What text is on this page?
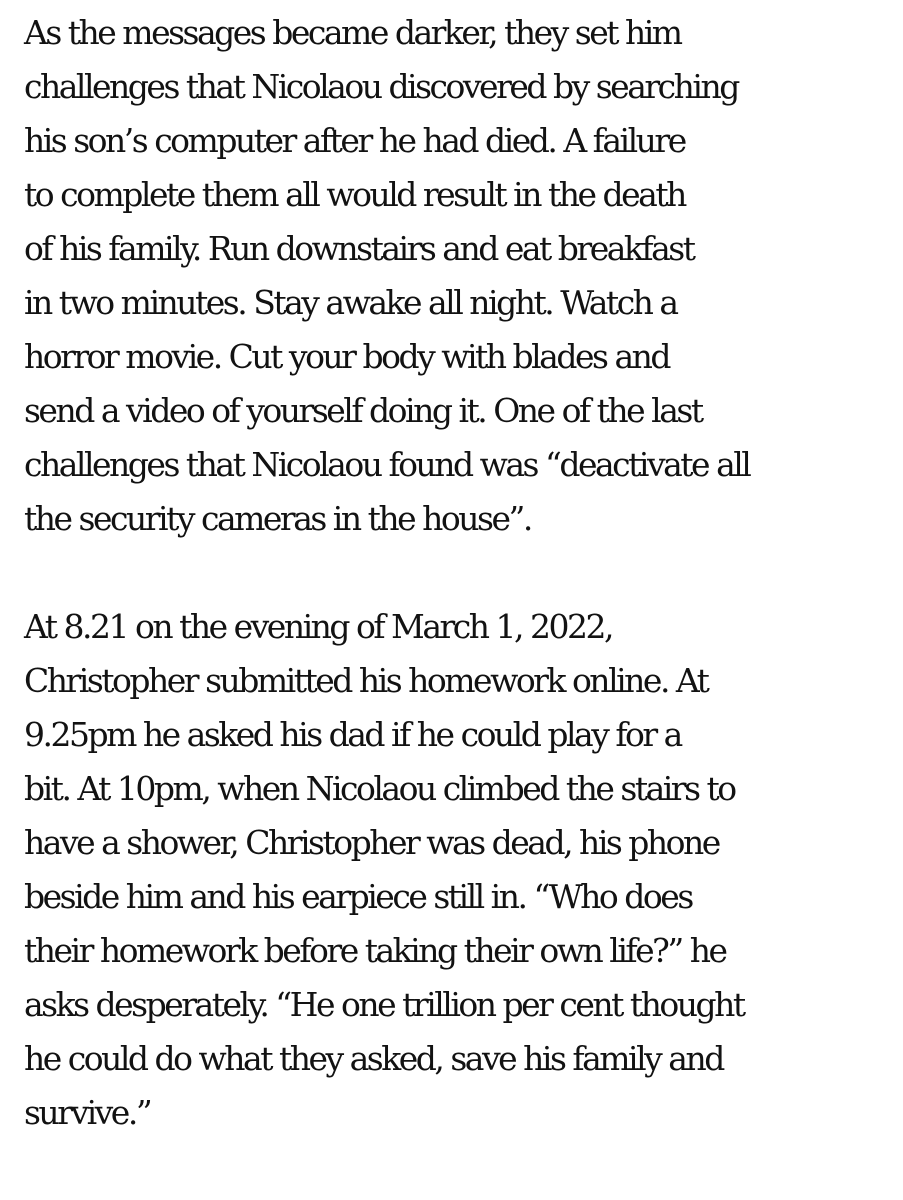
As the messages became darker, they set him
challenges that Nicolaou discovered by searching
his son’s computer after he had died. A failure
to complete them all would result in the death
of his family. Run downstairs and eat breakfast
in two minutes. Stay awake all night. Watch a
horror movie. Cut your body with blades and
send a video of yourself doing it. One of the last
challenges that Nicolaou found was “deactivate all
the security cameras in the house”.

At 8.21 on the evening of March 1, 2022,
Christopher submitted his homework online. At
9.25pm he asked his dad if he could play for a
bit. At 10pm, when Nicolaou climbed the stairs to
have a shower, Christopher was dead, his phone
beside him and his earpiece still in. “Who does
their homework before taking their own life?” he
asks desperately. “He one trillion per cent thought
he could do what they asked, save his family and
survive.”
